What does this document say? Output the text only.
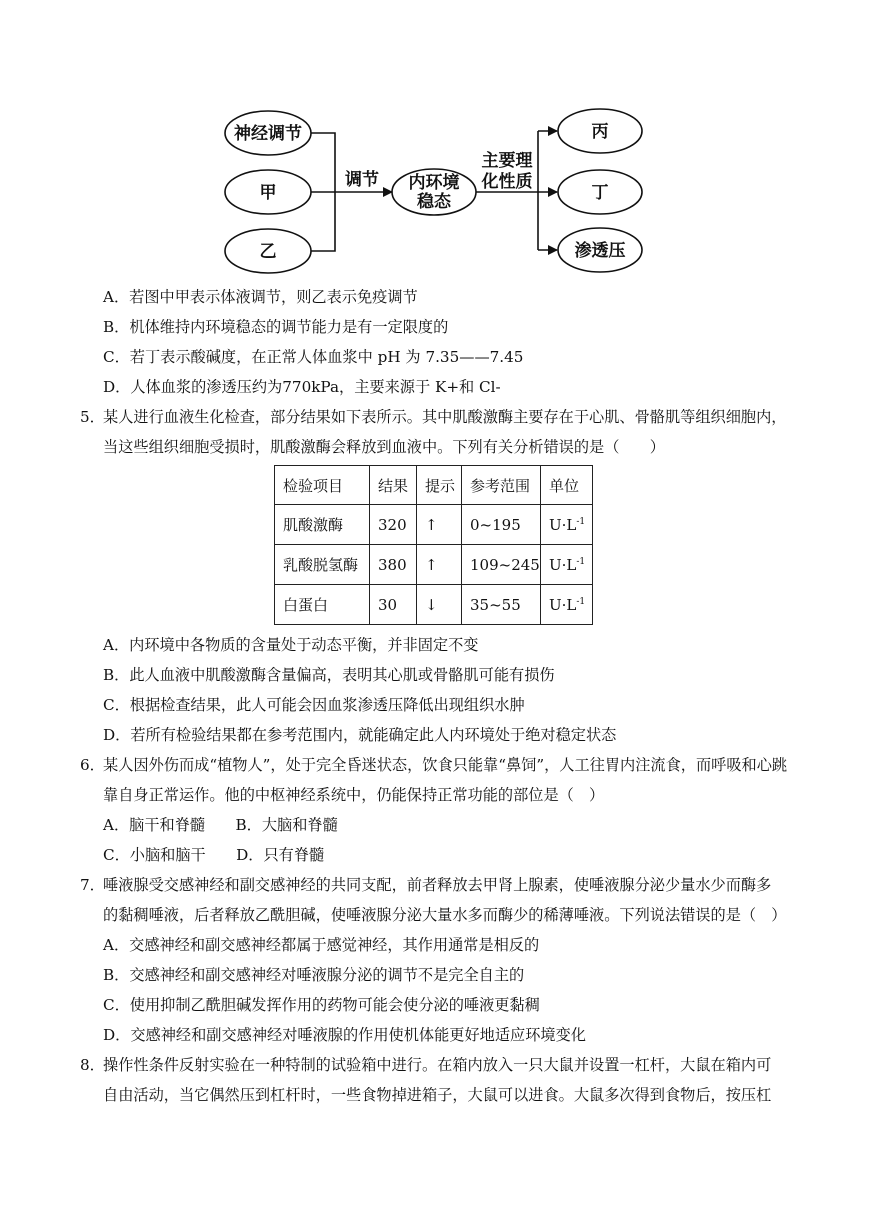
神经调节
甲
乙
调节 内环境
稳态
主要理
化性质
丙
丁
渗透压
A．若图中甲表示体液调节，则乙表示免疫调节
B．机体维持内环境稳态的调节能力是有一定限度的
C．若丁表示酸碱度，在正常人体血浆中 pH 为 7.35——7.45
D．人体血浆的渗透压约为770kPa，主要来源于 K+和 Cl-
5．
某人进行血液生化检查，部分结果如下表所示。其中肌酸激酶主要存在于心肌、骨骼肌等组织细胞内，
当这些组织细胞受损时，肌酸激酶会释放到血液中。下列有关分析错误的是（　　）
检验项目	结果	提示	参考范围	单位
肌酸激酶	320	↑	0~195	$U\cdot L^{-1}$
乳酸脱氢酶	380	↑	109~245	$U\cdot L^{-1}$
白蛋白	30	↓	35~55	$U\cdot L^{-1}$
A．内环境中各物质的含量处于动态平衡，并非固定不变
B．此人血液中肌酸激酶含量偏高，表明其心肌或骨骼肌可能有损伤
C．根据检查结果，此人可能会因血浆渗透压降低出现组织水肿
D．若所有检验结果都在参考范围内，就能确定此人内环境处于绝对稳定状态
6．
某人因外伤而成“植物人”，处于完全昏迷状态，饮食只能靠“鼻饲”，人工往胃内注流食，而呼吸和心跳
靠自身正常运作。他的中枢神经系统中，仍能保持正常功能的部位是（　）
A．脑干和脊髓　　B．大脑和脊髓
C．小脑和脑干　　D．只有脊髓
7．
唾液腺受交感神经和副交感神经的共同支配，前者释放去甲肾上腺素，使唾液腺分泌少量水少而酶多
的黏稠唾液，后者释放乙酰胆碱，使唾液腺分泌大量水多而酶少的稀薄唾液。下列说法错误的是（　）
A．交感神经和副交感神经都属于感觉神经，其作用通常是相反的
B．交感神经和副交感神经对唾液腺分泌的调节不是完全自主的
C．使用抑制乙酰胆碱发挥作用的药物可能会使分泌的唾液更黏稠
D．交感神经和副交感神经对唾液腺的作用使机体能更好地适应环境变化
8．
操作性条件反射实验在一种特制的试验箱中进行。在箱内放入一只大鼠并设置一杠杆，大鼠在箱内可
自由活动，当它偶然压到杠杆时，一些食物掉进箱子，大鼠可以进食。大鼠多次得到食物后，按压杠
